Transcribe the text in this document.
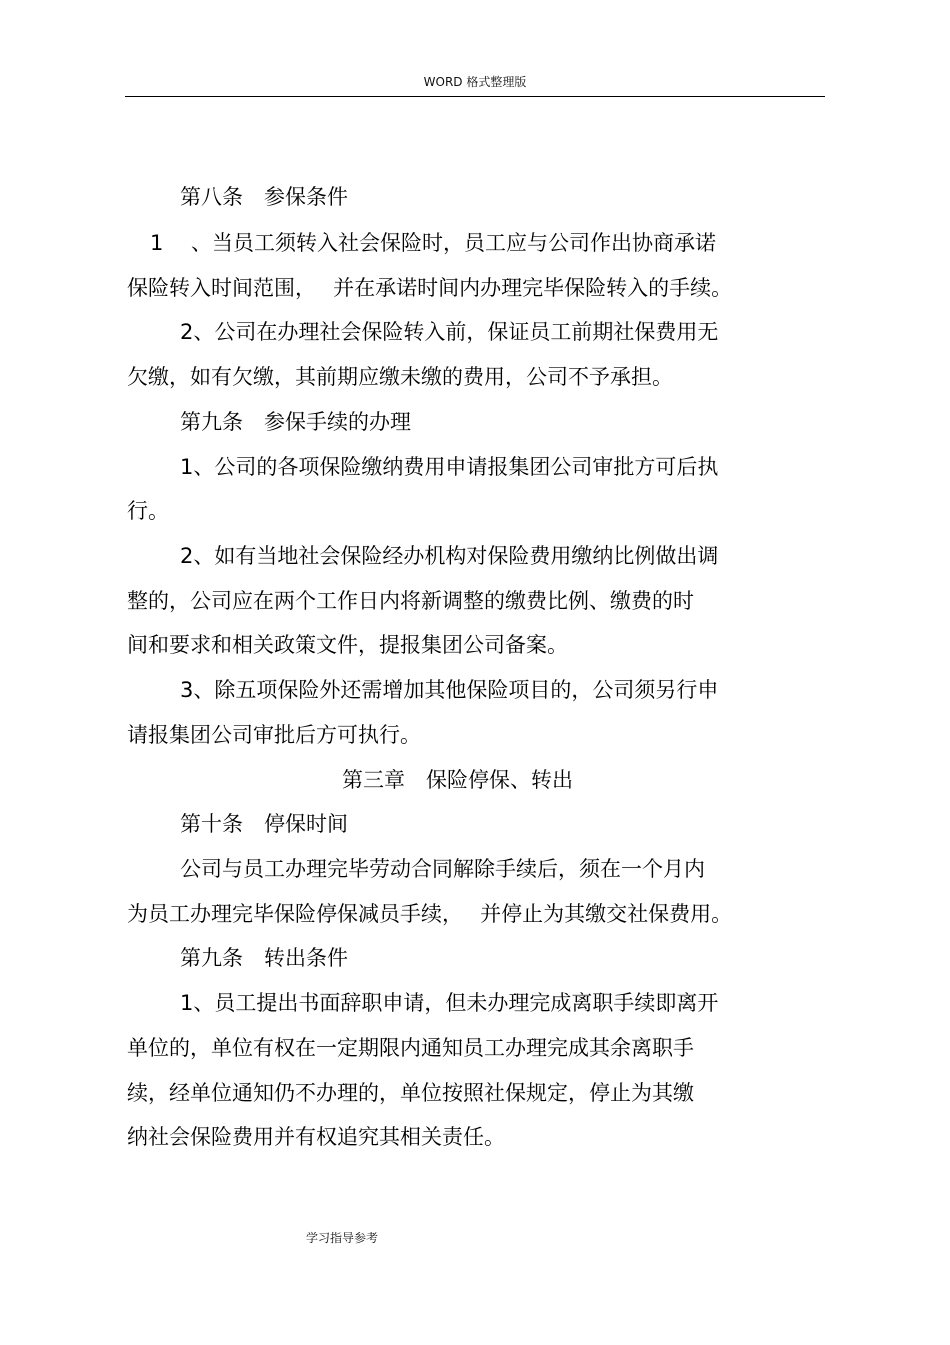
WORD 格式整理版
第八条　参保条件
1　 、当员工须转入社会保险时，员工应与公司作出协商承诺
保险转入时间范围，　 并在承诺时间内办理完毕保险转入的手续。
2、公司在办理社会保险转入前，保证员工前期社保费用无
欠缴，如有欠缴，其前期应缴未缴的费用，公司不予承担。
第九条　参保手续的办理
1、公司的各项保险缴纳费用申请报集团公司审批方可后执
行。
2、如有当地社会保险经办机构对保险费用缴纳比例做出调
整的，公司应在两个工作日内将新调整的缴费比例、缴费的时
间和要求和相关政策文件，提报集团公司备案。
3、除五项保险外还需增加其他保险项目的，公司须另行申
请报集团公司审批后方可执行。
第三章　保险停保、转出
第十条　停保时间
公司与员工办理完毕劳动合同解除手续后，须在一个月内
为员工办理完毕保险停保减员手续，　 并停止为其缴交社保费用。
第九条　转出条件
1、员工提出书面辞职申请，但未办理完成离职手续即离开
单位的，单位有权在一定期限内通知员工办理完成其余离职手
续，经单位通知仍不办理的，单位按照社保规定，停止为其缴
纳社会保险费用并有权追究其相关责任。
学习指导参考
